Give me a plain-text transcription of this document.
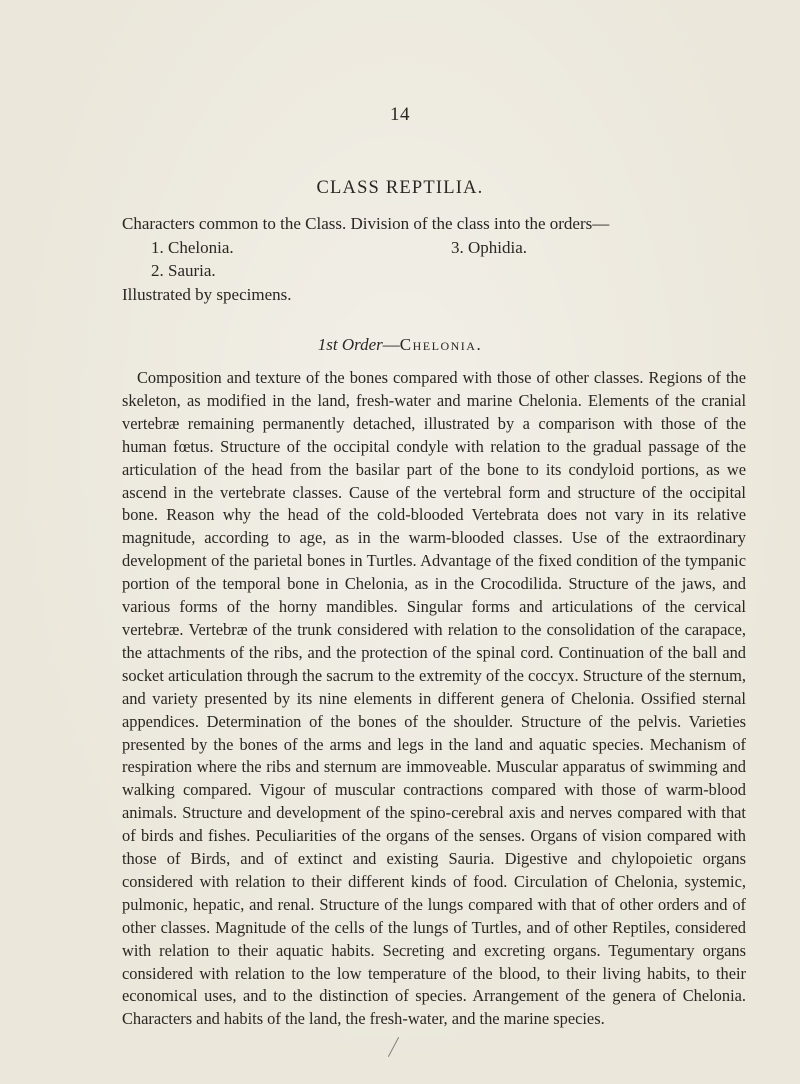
14
CLASS REPTILIA.
Characters common to the Class. Division of the class into the orders—
1. Chelonia.	3. Ophidia.
2. Sauria.
Illustrated by specimens.
1st Order—Chelonia.
Composition and texture of the bones compared with those of other classes. Regions of the skeleton, as modified in the land, fresh-water and marine Chelonia. Elements of the cranial vertebræ remaining permanently detached, illustrated by a comparison with those of the human fœtus. Structure of the occipital condyle with relation to the gradual passage of the articulation of the head from the basilar part of the bone to its condyloid portions, as we ascend in the vertebrate classes. Cause of the vertebral form and structure of the occipital bone. Reason why the head of the cold-blooded Vertebrata does not vary in its relative magnitude, according to age, as in the warm-blooded classes. Use of the extraordinary development of the parietal bones in Turtles. Advantage of the fixed condition of the tympanic portion of the temporal bone in Chelonia, as in the Crocodilida. Structure of the jaws, and various forms of the horny mandibles. Singular forms and articulations of the cervical vertebræ. Vertebræ of the trunk considered with relation to the consolidation of the carapace, the attachments of the ribs, and the protection of the spinal cord. Continuation of the ball and socket articulation through the sacrum to the extremity of the coccyx. Structure of the sternum, and variety presented by its nine elements in different genera of Chelonia. Ossified sternal appendices. Determination of the bones of the shoulder. Structure of the pelvis. Varieties presented by the bones of the arms and legs in the land and aquatic species. Mechanism of respiration where the ribs and sternum are immoveable. Muscular apparatus of swimming and walking compared. Vigour of muscular contractions compared with those of warm-blood animals. Structure and development of the spino-cerebral axis and nerves compared with that of birds and fishes. Peculiarities of the organs of the senses. Organs of vision compared with those of Birds, and of extinct and existing Sauria. Digestive and chylopoietic organs considered with relation to their different kinds of food. Circulation of Chelonia, systemic, pulmonic, hepatic, and renal. Structure of the lungs compared with that of other orders and of other classes. Magnitude of the cells of the lungs of Turtles, and of other Reptiles, considered with relation to their aquatic habits. Secreting and excreting organs. Tegumentary organs considered with relation to the low temperature of the blood, to their living habits, to their economical uses, and to the distinction of species. Arrangement of the genera of Chelonia. Characters and habits of the land, the fresh-water, and the marine species.
